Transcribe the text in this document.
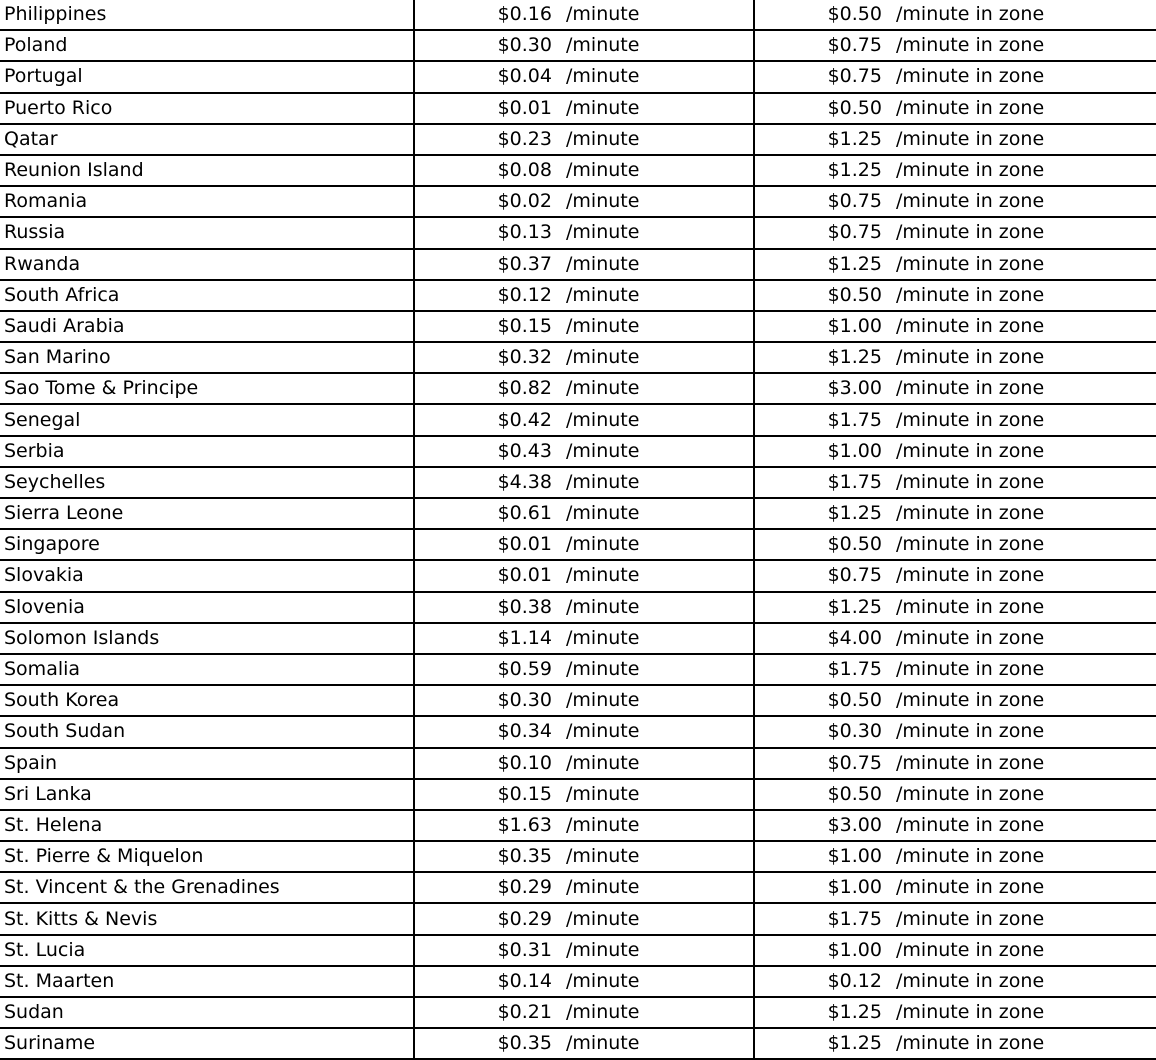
Philippines	$0.16 /minute	$0.50 /minute in zone
Poland	$0.30 /minute	$0.75 /minute in zone
Portugal	$0.04 /minute	$0.75 /minute in zone
Puerto Rico	$0.01 /minute	$0.50 /minute in zone
Qatar	$0.23 /minute	$1.25 /minute in zone
Reunion Island	$0.08 /minute	$1.25 /minute in zone
Romania	$0.02 /minute	$0.75 /minute in zone
Russia	$0.13 /minute	$0.75 /minute in zone
Rwanda	$0.37 /minute	$1.25 /minute in zone
South Africa	$0.12 /minute	$0.50 /minute in zone
Saudi Arabia	$0.15 /minute	$1.00 /minute in zone
San Marino	$0.32 /minute	$1.25 /minute in zone
Sao Tome & Principe	$0.82 /minute	$3.00 /minute in zone
Senegal	$0.42 /minute	$1.75 /minute in zone
Serbia	$0.43 /minute	$1.00 /minute in zone
Seychelles	$4.38 /minute	$1.75 /minute in zone
Sierra Leone	$0.61 /minute	$1.25 /minute in zone
Singapore	$0.01 /minute	$0.50 /minute in zone
Slovakia	$0.01 /minute	$0.75 /minute in zone
Slovenia	$0.38 /minute	$1.25 /minute in zone
Solomon Islands	$1.14 /minute	$4.00 /minute in zone
Somalia	$0.59 /minute	$1.75 /minute in zone
South Korea	$0.30 /minute	$0.50 /minute in zone
South Sudan	$0.34 /minute	$0.30 /minute in zone
Spain	$0.10 /minute	$0.75 /minute in zone
Sri Lanka	$0.15 /minute	$0.50 /minute in zone
St. Helena	$1.63 /minute	$3.00 /minute in zone
St. Pierre & Miquelon	$0.35 /minute	$1.00 /minute in zone
St. Vincent & the Grenadines	$0.29 /minute	$1.00 /minute in zone
St. Kitts & Nevis	$0.29 /minute	$1.75 /minute in zone
St. Lucia	$0.31 /minute	$1.00 /minute in zone
St. Maarten	$0.14 /minute	$0.12 /minute in zone
Sudan	$0.21 /minute	$1.25 /minute in zone
Suriname	$0.35 /minute	$1.25 /minute in zone
